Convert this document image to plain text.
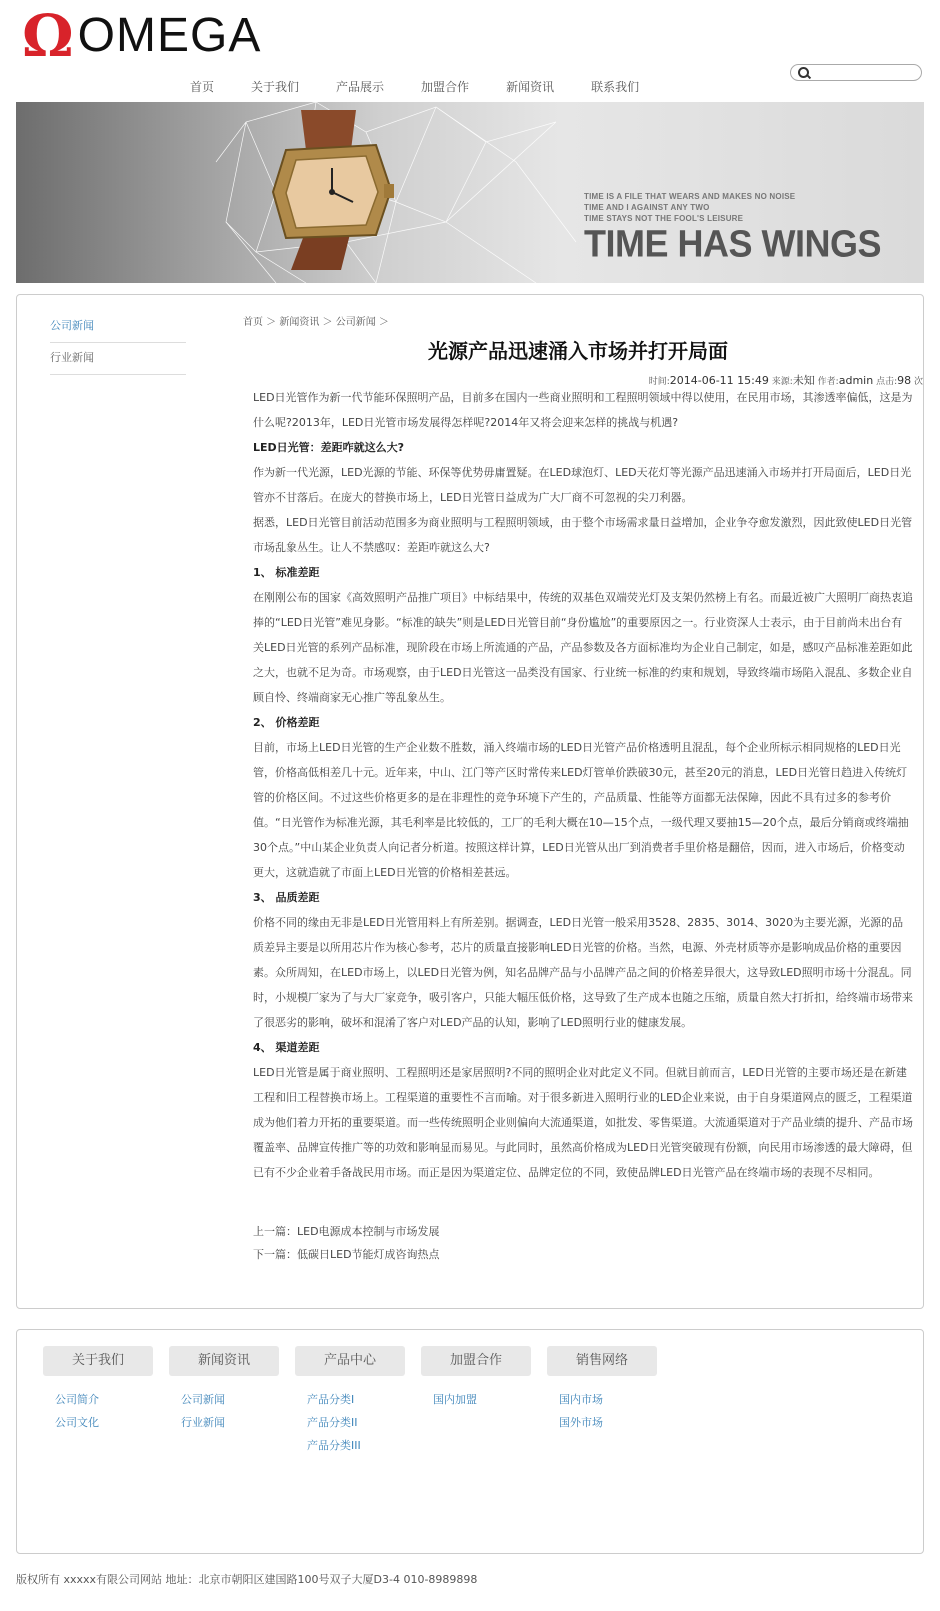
Ω OMEGA
首页	关于我们	产品展示	加盟合作	新闻资讯	联系我们
TIME IS A FILE THAT WEARS AND MAKES NO NOISE
TIME AND I AGAINST ANY TWO
TIME STAYS NOT THE FOOL'S LEISURE
TIME HAS WINGS
公司新闻
行业新闻
首页 ＞ 新闻资讯 ＞ 公司新闻 ＞
光源产品迅速涌入市场并打开局面
时间:2014-06-11 15:49 来源:未知 作者:admin 点击:98 次

LED日光管作为新一代节能环保照明产品，目前多在国内一些商业照明和工程照明领域中得以使用，在民用市场，其渗透率偏低，这是为什么呢?2013年，LED日光管市场发展得怎样呢?2014年又将会迎来怎样的挑战与机遇?

LED日光管：差距咋就这么大?

作为新一代光源，LED光源的节能、环保等优势毋庸置疑。在LED球泡灯、LED天花灯等光源产品迅速涌入市场并打开局面后，LED日光管亦不甘落后。在庞大的替换市场上，LED日光管日益成为广大厂商不可忽视的尖刀利器。

据悉，LED日光管目前活动范围多为商业照明与工程照明领域，由于整个市场需求量日益增加，企业争夺愈发激烈，因此致使LED日光管市场乱象丛生。让人不禁感叹：差距咋就这么大?

1、 标准差距

在刚刚公布的国家《高效照明产品推广项目》中标结果中，传统的双基色双端荧光灯及支架仍然榜上有名。而最近被广大照明厂商热衷追捧的“LED日光管”难见身影。“标准的缺失”则是LED日光管目前“身份尴尬”的重要原因之一。行业资深人士表示，由于目前尚未出台有关LED日光管的系列产品标准，现阶段在市场上所流通的产品，产品参数及各方面标准均为企业自己制定，如是，感叹产品标准差距如此之大，也就不足为奇。市场观察，由于LED日光管这一品类没有国家、行业统一标准的约束和规划，导致终端市场陷入混乱、多数企业自顾自怜、终端商家无心推广等乱象丛生。

2、 价格差距

目前，市场上LED日光管的生产企业数不胜数，涌入终端市场的LED日光管产品价格透明且混乱，每个企业所标示相同规格的LED日光管，价格高低相差几十元。近年来，中山、江门等产区时常传来LED灯管单价跌破30元，甚至20元的消息，LED日光管日趋进入传统灯管的价格区间。不过这些价格更多的是在非理性的竞争环境下产生的，产品质量、性能等方面都无法保障，因此不具有过多的参考价值。“日光管作为标准光源，其毛利率是比较低的，工厂的毛利大概在10—15个点，一级代理又要抽15—20个点，最后分销商或终端抽30个点。”中山某企业负责人向记者分析道。按照这样计算，LED日光管从出厂到消费者手里价格是翻倍，因而，进入市场后，价格变动更大，这就造就了市面上LED日光管的价格相差甚远。

3、 品质差距

价格不同的缘由无非是LED日光管用料上有所差别。据调查，LED日光管一般采用3528、2835、3014、3020为主要光源，光源的品质差异主要是以所用芯片作为核心参考，芯片的质量直接影响LED日光管的价格。当然，电源、外壳材质等亦是影响成品价格的重要因素。众所周知，在LED市场上，以LED日光管为例，知名品牌产品与小品牌产品之间的价格差异很大，这导致LED照明市场十分混乱。同时，小规模厂家为了与大厂家竞争，吸引客户，只能大幅压低价格，这导致了生产成本也随之压缩，质量自然大打折扣，给终端市场带来了很恶劣的影响，破坏和混淆了客户对LED产品的认知，影响了LED照明行业的健康发展。

4、 渠道差距

LED日光管是属于商业照明、工程照明还是家居照明?不同的照明企业对此定义不同。但就目前而言，LED日光管的主要市场还是在新建工程和旧工程替换市场上。工程渠道的重要性不言而喻。对于很多新进入照明行业的LED企业来说，由于自身渠道网点的匮乏，工程渠道成为他们着力开拓的重要渠道。而一些传统照明企业则偏向大流通渠道，如批发、零售渠道。大流通渠道对于产品业绩的提升、产品市场覆盖率、品牌宣传推广等的功效和影响显而易见。与此同时，虽然高价格成为LED日光管突破现有份额，向民用市场渗透的最大障碍，但已有不少企业着手备战民用市场。而正是因为渠道定位、品牌定位的不同，致使品牌LED日光管产品在终端市场的表现不尽相同。

上一篇：LED电源成本控制与市场发展
下一篇：低碳日LED节能灯成咨询热点
关于我们
公司简介
公司文化
新闻资讯
公司新闻
行业新闻
产品中心
产品分类I
产品分类II
产品分类III
加盟合作
国内加盟
销售网络
国内市场
国外市场
版权所有 xxxxx有限公司网站 地址：北京市朝阳区建国路100号双子大厦D3-4 010-8989898
